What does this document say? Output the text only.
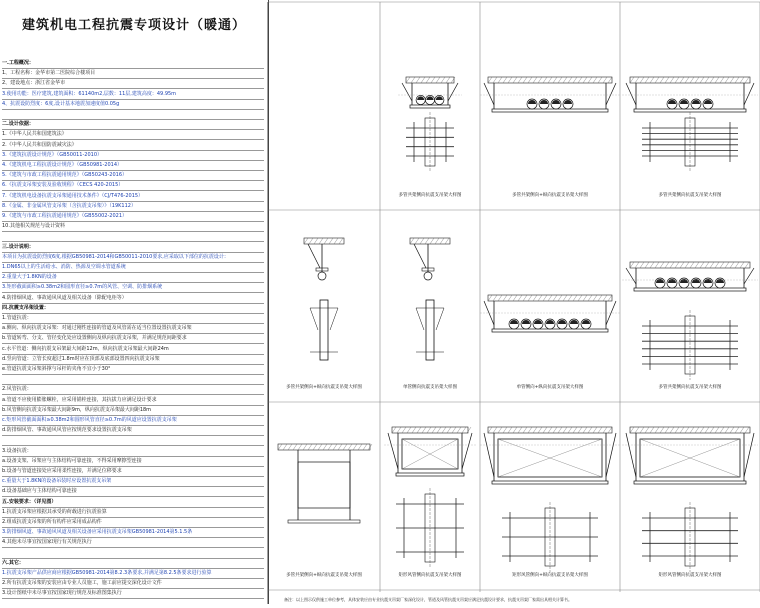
建筑机电工程抗震专项设计（暖通）
一.工程概况：
1、工程名称：金华市第二医院综合楼项目
2、建设地点：浙江省金华市
3.使用功能：医疗建筑,建筑面积：61140m2,层数：11层,建筑高度：49.95m
4、抗震设防烈度：6度,设计基本地震加速度值0.05g
二.设计依据：
1.《中华人民共和国建筑法》
2.《中华人民共和国防震减灾法》
3.《建筑抗震设计规范》（GB50011-2010）
4.《建筑机电工程抗震设计规范》（GB50981-2014）
5.《建筑与市政工程抗震通用规范》（GB50243-2016）
6.《抗震支吊架安装及验收规程》（CECS 420-2015）
7.《建筑机电设备抗震支吊架通用技术条件》（CJ/T476-2015）
8.《金属、非金属风管支吊架（含抗震支吊架）》（19K112）
9.《建筑与市政工程抗震通用规范》（GB55002-2021）
10.其他相关规范与设计资料
三.设计说明：
本项目为抗震设防烈度6度,根据GB50981-2014和GB50011-2010要求,应采取以下部位的抗震设计：
1.DN65以上的生活给水、消防、热源及空调水管道系统
2.重量大于1.8KN的设备
3.矩形截面面积≥0.38m2和圆形直径≥0.7m的风管、空调、防排烟系统
4.防排烟风道、事故通风风道及相关设备（除配电柜等）
四.抗震支吊架设置：
1.管道抗震：
a.侧向、纵向抗震支吊架：对通过刚性连接的管道及风管需在适当位置设置抗震支吊架
b.管道转弯、分支、管径变化处应设置侧向及纵向抗震支吊架，并满足规范间距要求
c.水平管道：侧向抗震支吊架最大间距12m，纵向抗震支吊架最大间距24m
d.竖向管道：立管长度超过1.8m时应在顶部及底部设置四向抗震支吊架
e.管道抗震支吊架斜撑与吊杆的夹角不宜小于30°
2.风管抗震：
a.管道不应使用膨胀螺栓，应采用锚栓连接，其抗拔力应满足设计要求
b.风管侧向抗震支吊架最大间距9m，纵向抗震支吊架最大间距18m
c.矩形风管截面面积≥0.38m2和圆形风管直径≥0.7m的风道应设置抗震支吊架
d.防排烟风管、事故通风风管应按规范要求设置抗震支吊架
3.设备抗震：
a.设备支架、吊架应与主体结构可靠连接，不得采用摩擦型连接
b.设备与管道连接处应采用柔性连接，并满足位移要求
c.重量大于1.8KN的设备吊装时应设置抗震支吊架
d.设备基础应与主体结构可靠连接
五.安装要求：（详见图）
1.抗震支吊架应根据其承受的荷载进行抗震验算
2.组成抗震支吊架的所有构件应采用成品构件
3.防排烟风道、事故通风风道及相关设备应采用抗震支吊架GB50981-2014第5.1.5条
4.其他未尽事宜按国家现行有关规范执行
六.其它：
1.抗震支吊架产品供应商应根据GB50981-2014第8.2.3条要求,并满足第8.2.5条要求进行验算
2.所有抗震支吊架的安装应由专业人员施工，施工前应提交深化设计文件
3.设计图纸中未尽事宜按国家现行规范及标准图集执行
多管共架侧向抗震支吊架大样图	多管共架侧向+纵向抗震支吊架大样图	多管共架侧向抗震支吊架大样图
多管共架侧向+纵向抗震支吊架大样图	单管侧向抗震支吊架大样图	单管侧向+纵向抗震支吊架大样图	多管共架侧向抗震支吊架大样图
多管共架侧向+纵向抗震支吊架大样图	矩形风管侧向抗震支吊架大样图	矩形风管侧向+纵向抗震支吊架大样图	矩形风管侧向抗震支吊架大样图
备注：以上图示仅供施工单位参考，具体安装应由专业抗震支吊架厂家深化设计，管道及风管抗震支吊架应满足抗震设计要求，抗震支吊架厂家需出具相关计算书。
